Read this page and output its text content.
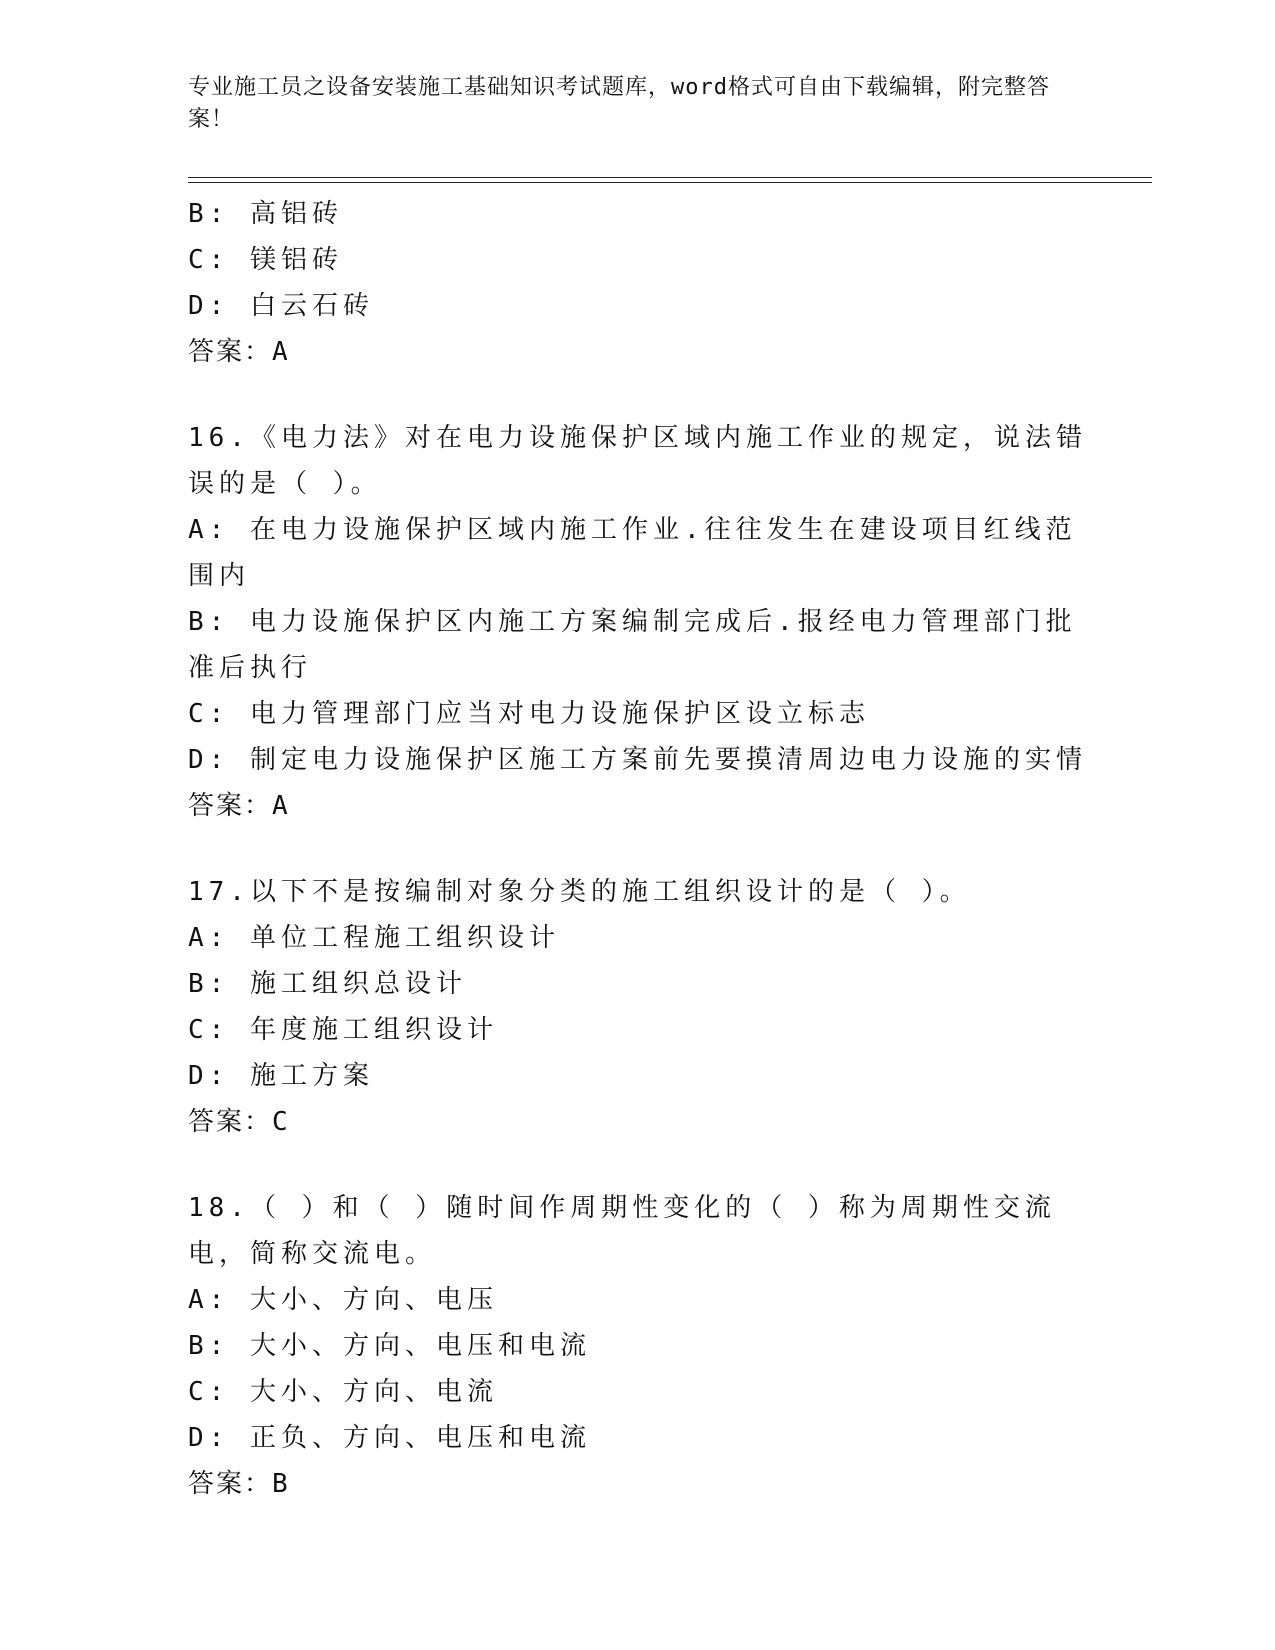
专业施工员之设备安装施工基础知识考试题库，word格式可自由下载编辑，附完整答案！
B: 高铝砖
C: 镁铝砖
D: 白云石砖
答案：A
16.《电力法》对在电力设施保护区域内施工作业的规定，说法错误的是（ ）。
A: 在电力设施保护区域内施工作业.往往发生在建设项目红线范围内
B: 电力设施保护区内施工方案编制完成后.报经电力管理部门批准后执行
C: 电力管理部门应当对电力设施保护区设立标志
D: 制定电力设施保护区施工方案前先要摸清周边电力设施的实情
答案：A
17.以下不是按编制对象分类的施工组织设计的是（ ）。
A: 单位工程施工组织设计
B: 施工组织总设计
C: 年度施工组织设计
D: 施工方案
答案：C
18.（ ）和（ ）随时间作周期性变化的（ ）称为周期性交流电，简称交流电。
A: 大小、方向、电压
B: 大小、方向、电压和电流
C: 大小、方向、电流
D: 正负、方向、电压和电流
答案：B
